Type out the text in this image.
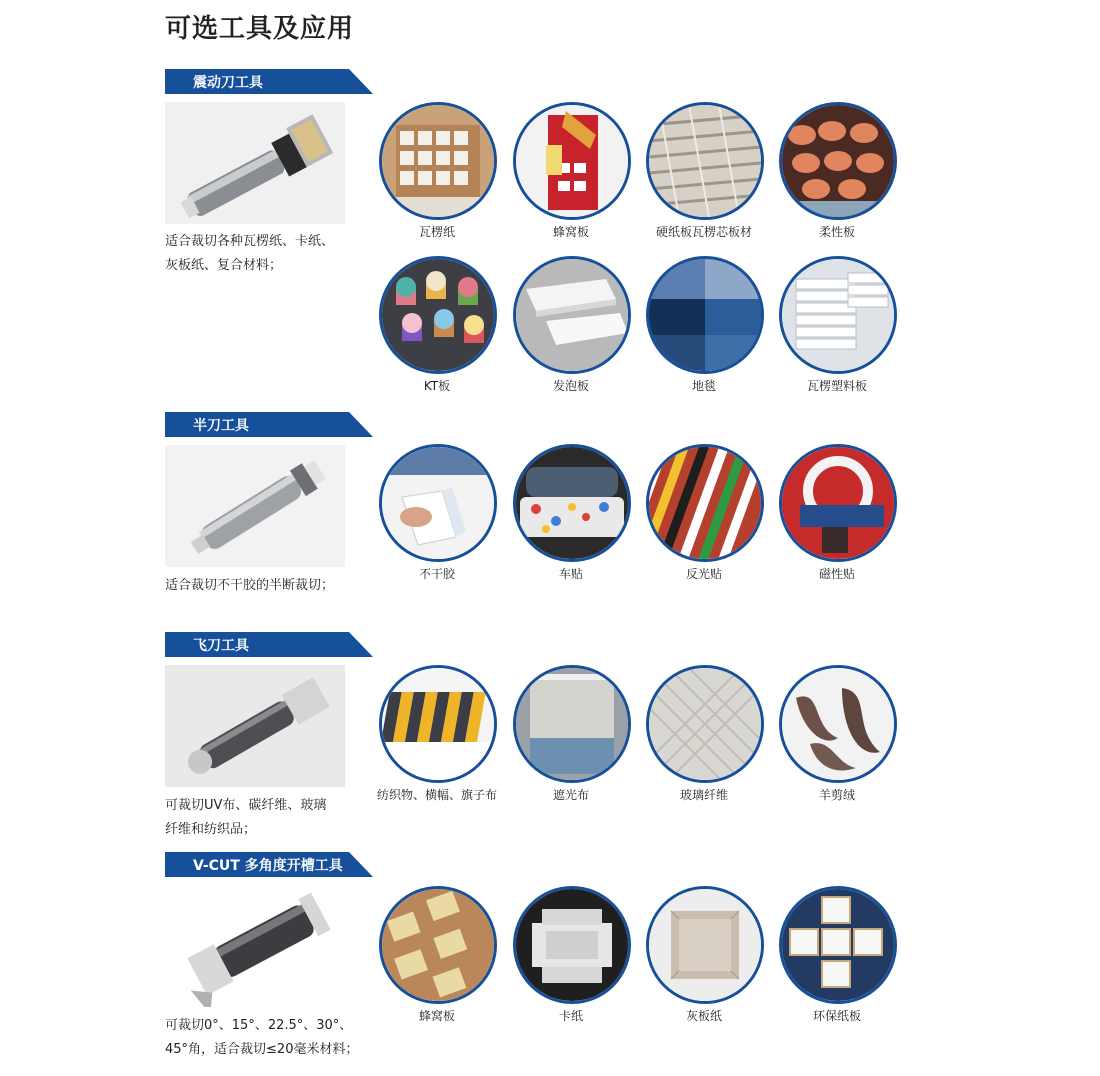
可选工具及应用
震动刀工具
适合裁切各种瓦楞纸、卡纸、
灰板纸、复合材料；
瓦楞纸	蜂窝板	硬纸板瓦楞芯板材	柔性板
KT板	发泡板	地毯	瓦楞塑料板
半刀工具
适合裁切不干胶的半断裁切；
不干胶	车贴	反光贴	磁性贴
飞刀工具
可裁切UV布、碳纤维、玻璃
纤维和纺织品；
纺织物、横幅、旗子布	遮光布	玻璃纤维	羊剪绒
V-CUT 多角度开槽工具
可裁切0°、15°、22.5°、30°、
45°角，适合裁切≤20毫米材料；
蜂窝板	卡纸	灰板纸	环保纸板
